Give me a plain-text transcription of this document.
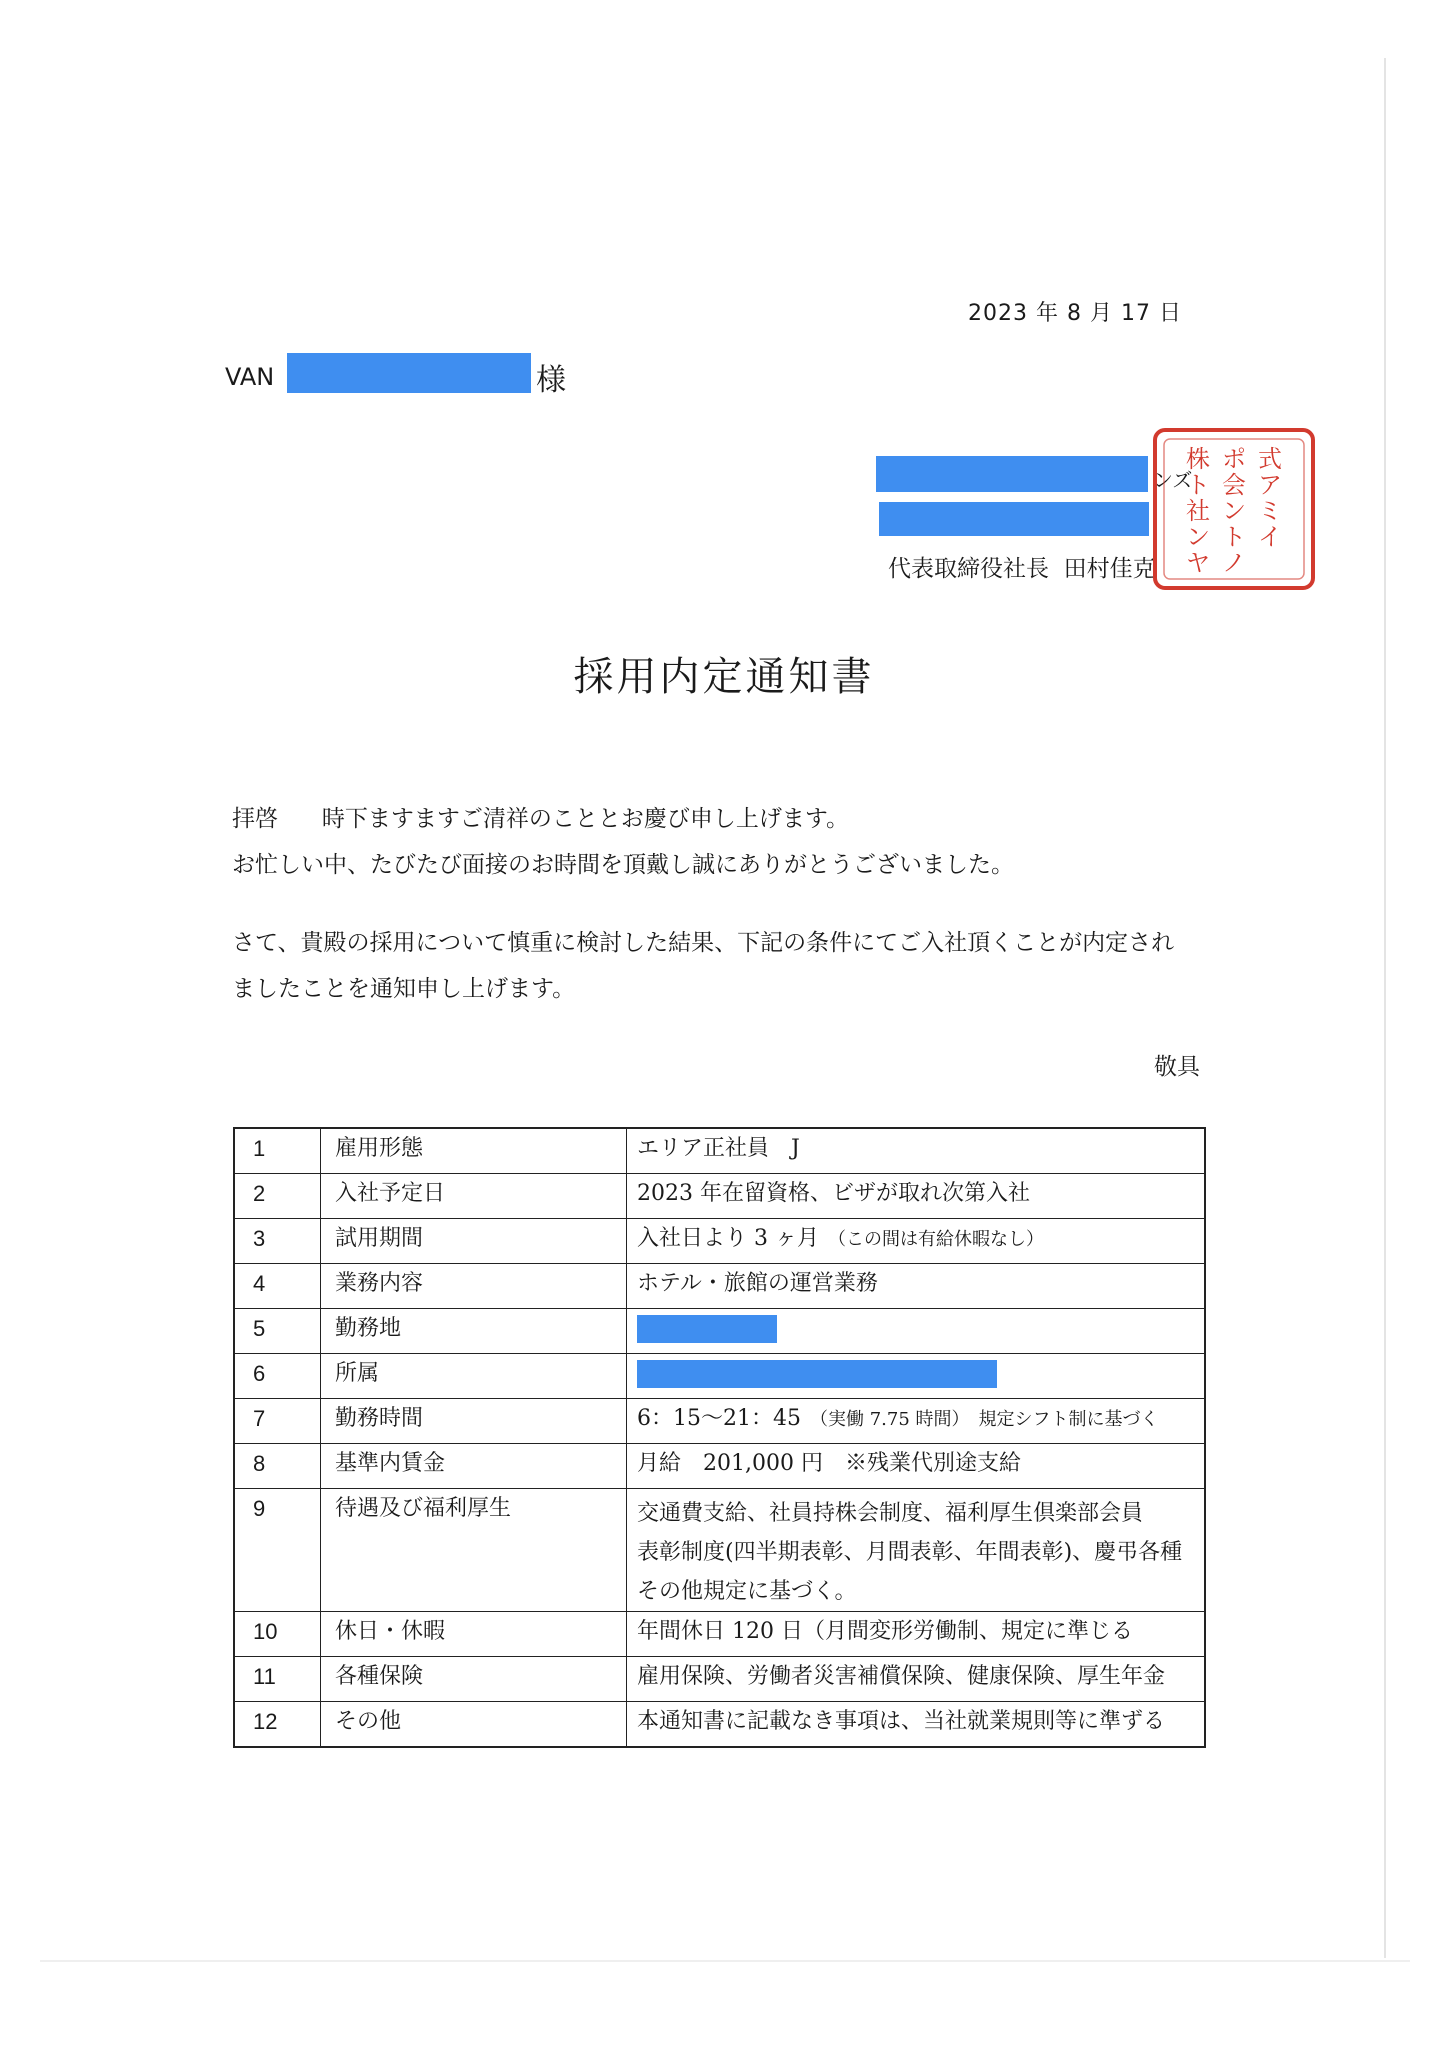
2023 年 8 月 17 日
VAN	様
ンズ
代表取締役社長  田村佳克
株 ポ 式
ト 会 ア
社 ン ミ
ン ト イ
ヤ ノ
採用内定通知書
拝啓      時下ますますご清祥のこととお慶び申し上げます。
お忙しい中、たびたび面接のお時間を頂戴し誠にありがとうございました。
さて、貴殿の採用について慎重に検討した結果、下記の条件にてご入社頂くことが内定され
ましたことを通知申し上げます。
敬具
1	雇用形態	エリア正社員　J
2	入社予定日	2023 年在留資格、ビザが取れ次第入社
3	試用期間	入社日より 3 ヶ月　（この間は有給休暇なし）
4	業務内容	ホテル・旅館の運営業務
5	勤務地	
6	所属	
7	勤務時間	6：15～21：45　（実働 7.75 時間）　規定シフト制に基づく
8	基準内賃金	月給　201,000 円　※残業代別途支給
9	待遇及び福利厚生	交通費支給、社員持株会制度、福利厚生倶楽部会員
表彰制度(四半期表彰、月間表彰、年間表彰)、慶弔各種
その他規定に基づく。

10	休日・休暇	年間休日 120 日（月間変形労働制、規定に準じる
11	各種保険	雇用保険、労働者災害補償保険、健康保険、厚生年金
12	その他	本通知書に記載なき事項は、当社就業規則等に準ずる
